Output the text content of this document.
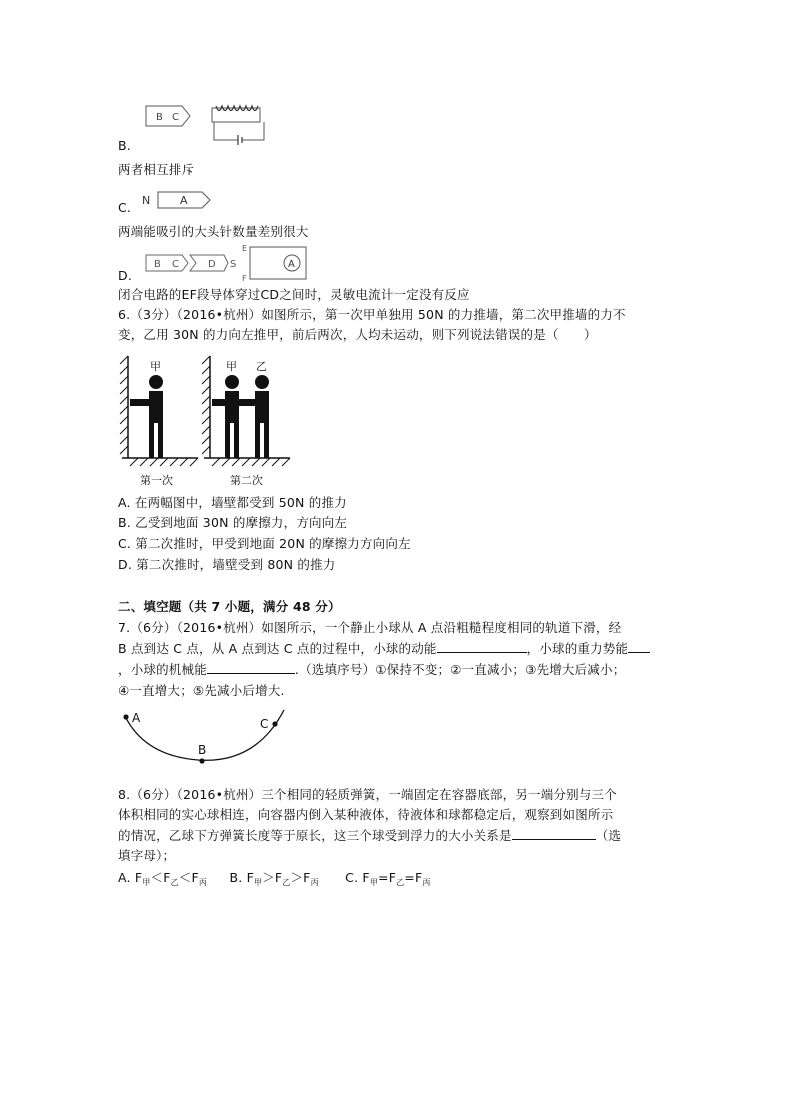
B C
B.
两者相互排斥
N	A
C.
两端能吸引的大头针数量差别很大
B C	D S
E
F
A
D.
闭合电路的EF段导体穿过CD之间时，灵敏电流计一定没有反应
6.（3分）（2016•杭州）如图所示，第一次甲单独用 50N 的力推墙，第二次甲推墙的力不
变，乙用 30N 的力向左推甲，前后两次，人均未运动，则下列说法错误的是（　　）
甲	甲 乙
第一次	第二次
A. 在两幅图中，墙壁都受到 50N 的推力
B. 乙受到地面 30N 的摩擦力，方向向左
C. 第二次推时，甲受到地面 20N 的摩擦力方向向左
D. 第二次推时，墙壁受到 80N 的推力
二、填空题（共 7 小题，满分 48 分）
7.（6分）（2016•杭州）如图所示，一个静止小球从 A 点沿粗糙程度相同的轨道下滑，经
B 点到达 C 点，从 A 点到达 C 点的过程中，小球的动能	，小球的重力势能
，小球的机械能	.（选填序号）①保持不变；②一直减小；③先增大后减小；
④一直增大；⑤先减小后增大.
A
B
C
8.（6分）（2016•杭州）三个相同的轻质弹簧，一端固定在容器底部，另一端分别与三个
体积相同的实心球相连，向容器内倒入某种液体，待液体和球都稳定后，观察到如图所示
的情况，乙球下方弹簧长度等于原长，这三个球受到浮力的大小关系是	（选
填字母）；
A. $F_甲<F_乙<F_丙$ B. $F_甲>F_乙>F_丙$ C. $F_甲=F_乙=F_丙$
